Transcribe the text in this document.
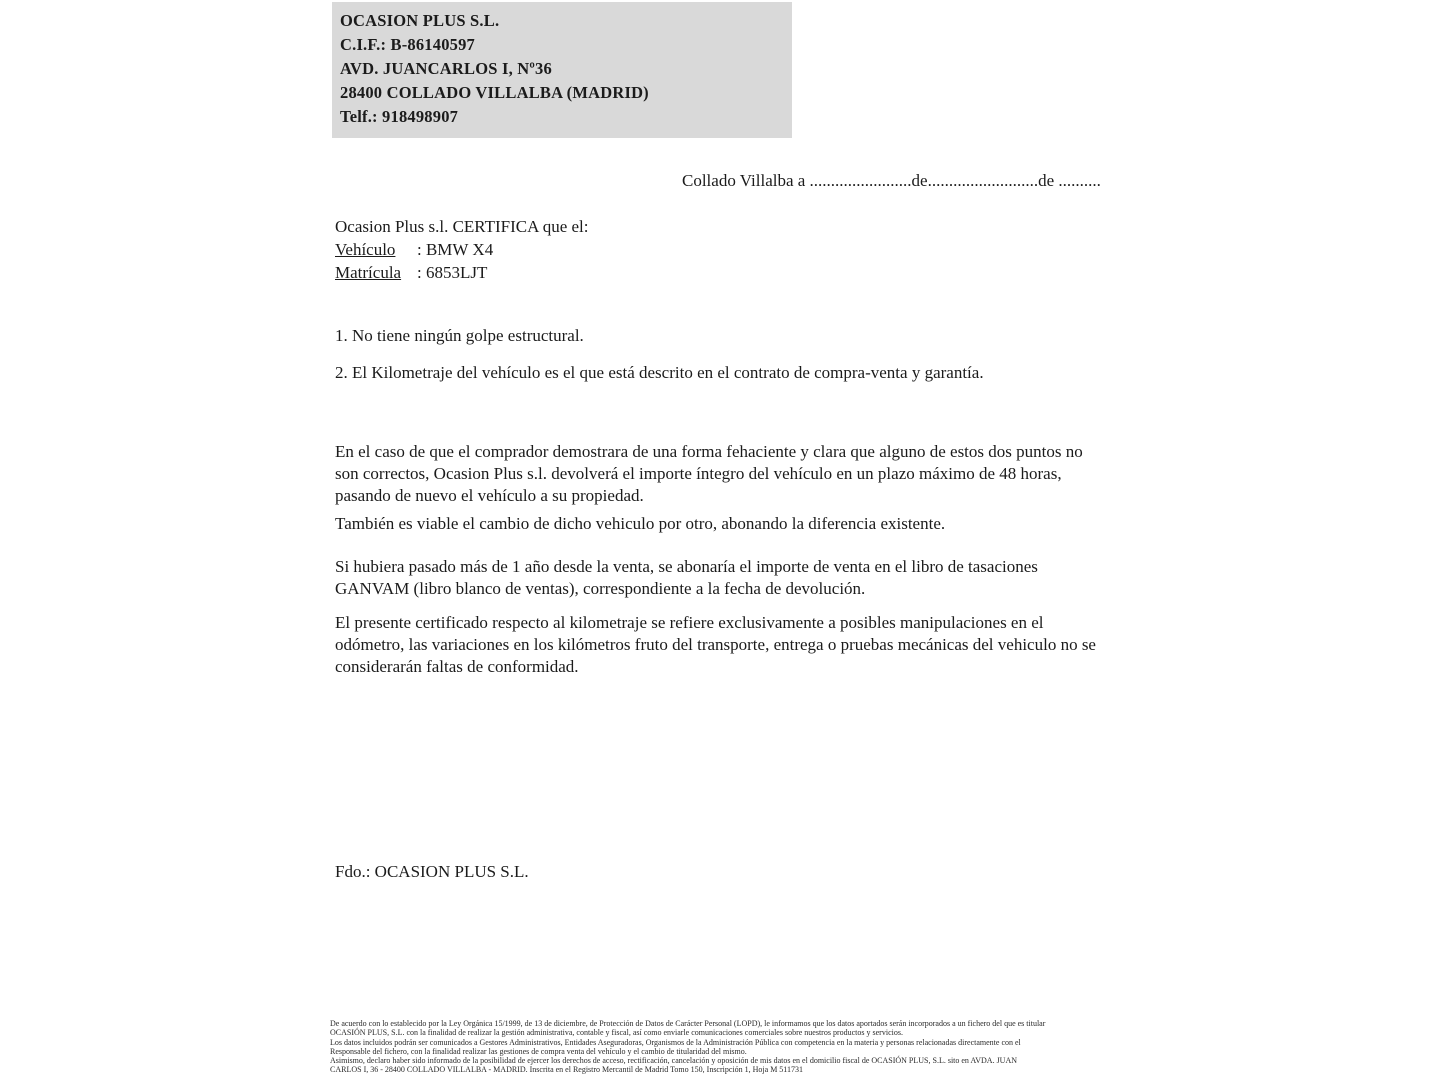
OCASION PLUS S.L.
C.I.F.: B-86140597
AVD. JUANCARLOS I, Nº36
28400 COLLADO VILLALBA (MADRID)
Telf.: 918498907
Collado Villalba a ........................de..........................de ..........
Ocasion Plus s.l. CERTIFICA que el:
Vehículo : BMW X4
Matrícula : 6853LJT
1. No tiene ningún golpe estructural.
2. El Kilometraje del vehículo es el que está descrito en el contrato de compra-venta y garantía.
En el caso de que el comprador demostrara de una forma fehaciente y clara que alguno de estos dos puntos no son correctos, Ocasion Plus s.l. devolverá el importe íntegro del vehículo en un plazo máximo de 48 horas, pasando de nuevo el vehículo a su propiedad.
También es viable el cambio de dicho vehiculo por otro, abonando la diferencia existente.
Si hubiera pasado más de 1 año desde la venta, se abonaría el importe de venta en el libro de tasaciones GANVAM (libro blanco de ventas), correspondiente a la fecha de devolución.
El presente certificado respecto al kilometraje se refiere exclusivamente a posibles manipulaciones en el odómetro, las variaciones en los kilómetros fruto del transporte, entrega o pruebas mecánicas del vehiculo no se considerarán faltas de conformidad.
Fdo.: OCASION PLUS S.L.
De acuerdo con lo establecido por la Ley Orgánica 15/1999, de 13 de diciembre, de Protección de Datos de Carácter Personal (LOPD), le informamos que los datos aportados serán incorporados a un fichero del que es titular
OCASIÓN PLUS, S.L. con la finalidad de realizar la gestión administrativa, contable y fiscal, así como enviarle comunicaciones comerciales sobre nuestros productos y servicios.
Los datos incluidos podrán ser comunicados a Gestores Administrativos, Entidades Aseguradoras, Organismos de la Administración Pública con competencia en la materia y personas relacionadas directamente con el
Responsable del fichero, con la finalidad realizar las gestiones de compra venta del vehículo y el cambio de titularidad del mismo.
Asimismo, declaro haber sido informado de la posibilidad de ejercer los derechos de acceso, rectificación, cancelación y oposición de mis datos en el domicilio fiscal de OCASIÓN PLUS, S.L. sito en AVDA. JUAN
CARLOS I, 36 - 28400 COLLADO VILLALBA - MADRID. Inscrita en el Registro Mercantil de Madrid Tomo 150, Inscripción 1, Hoja M 511731
